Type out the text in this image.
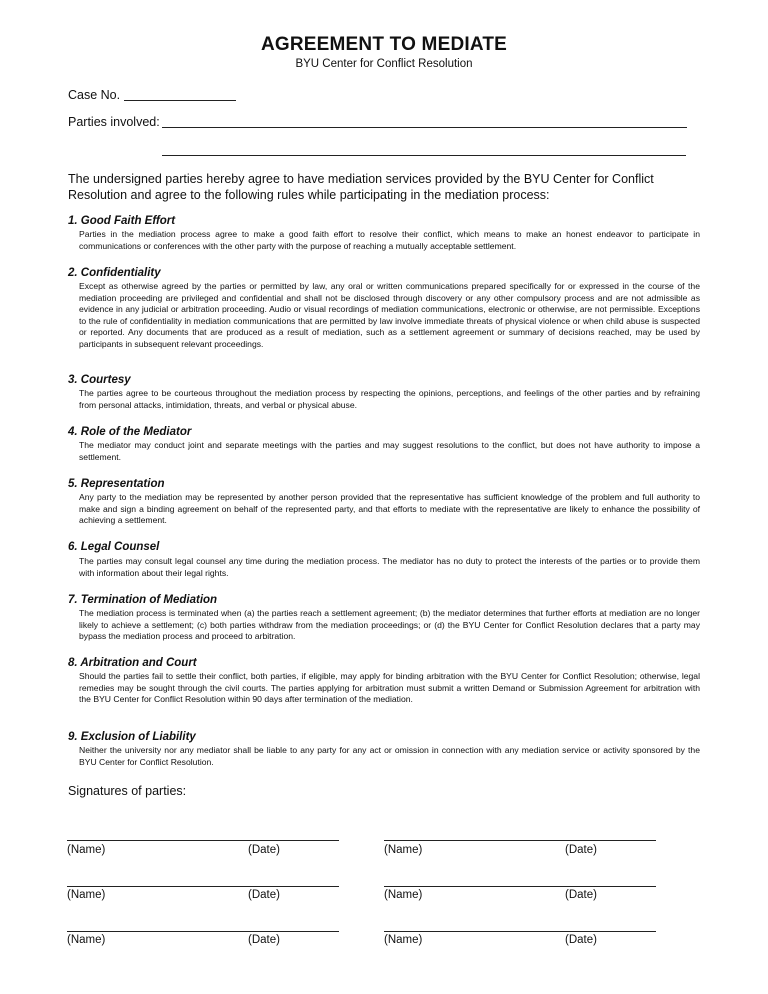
AGREEMENT TO MEDIATE
BYU Center for Conflict Resolution
Case No.
Parties involved:
The undersigned parties hereby agree to have mediation services provided by the BYU Center for Conflict Resolution and agree to the following rules while participating in the mediation process:
1. Good Faith Effort
Parties in the mediation process agree to make a good faith effort to resolve their conflict, which means to make an honest endeavor to participate in communications or conferences with the other party with the purpose of reaching a mutually acceptable settlement.
2. Confidentiality
Except as otherwise agreed by the parties or permitted by law, any oral or written communications prepared specifically for or expressed in the course of the mediation proceeding are privileged and confidential and shall not be disclosed through discovery or any other compulsory process and are not admissible as evidence in any judicial or arbitration proceeding. Audio or visual recordings of mediation communications, electronic or otherwise, are not permissible. Exceptions to the rule of confidentiality in mediation communications that are permitted by law involve immediate threats of physical violence or when child abuse is suspected or reported. Any documents that are produced as a result of mediation, such as a settlement agreement or summary of decisions reached, may be used by participants in subsequent relevant proceedings.
3. Courtesy
The parties agree to be courteous throughout the mediation process by respecting the opinions, perceptions, and feelings of the other parties and by refraining from personal attacks, intimidation, threats, and verbal or physical abuse.
4. Role of the Mediator
The mediator may conduct joint and separate meetings with the parties and may suggest resolutions to the conflict, but does not have authority to impose a settlement.
5. Representation
Any party to the mediation may be represented by another person provided that the representative has sufficient knowledge of the problem and full authority to make and sign a binding agreement on behalf of the represented party, and that efforts to mediate with the representative are likely to enhance the possibility of achieving a settlement.
6. Legal Counsel
The parties may consult legal counsel any time during the mediation process. The mediator has no duty to protect the interests of the parties or to provide them with information about their legal rights.
7. Termination of Mediation
The mediation process is terminated when (a) the parties reach a settlement agreement; (b) the mediator determines that further efforts at mediation are no longer likely to achieve a settlement; (c) both parties withdraw from the mediation proceedings; or (d) the BYU Center for Conflict Resolution declares that a party may bypass the mediation process and proceed to arbitration.
8. Arbitration and Court
Should the parties fail to settle their conflict, both parties, if eligible, may apply for binding arbitration with the BYU Center for Conflict Resolution; otherwise, legal remedies may be sought through the civil courts. The parties applying for arbitration must submit a written Demand or Submission Agreement for arbitration with the BYU Center for Conflict Resolution within 90 days after termination of the mediation.
9. Exclusion of Liability
Neither the university nor any mediator shall be liable to any party for any act or omission in connection with any mediation service or activity sponsored by the BYU Center for Conflict Resolution.
Signatures of parties:
(Name)	(Date)	(Name)	(Date)
(Name)	(Date)	(Name)	(Date)
(Name)	(Date)	(Name)	(Date)
